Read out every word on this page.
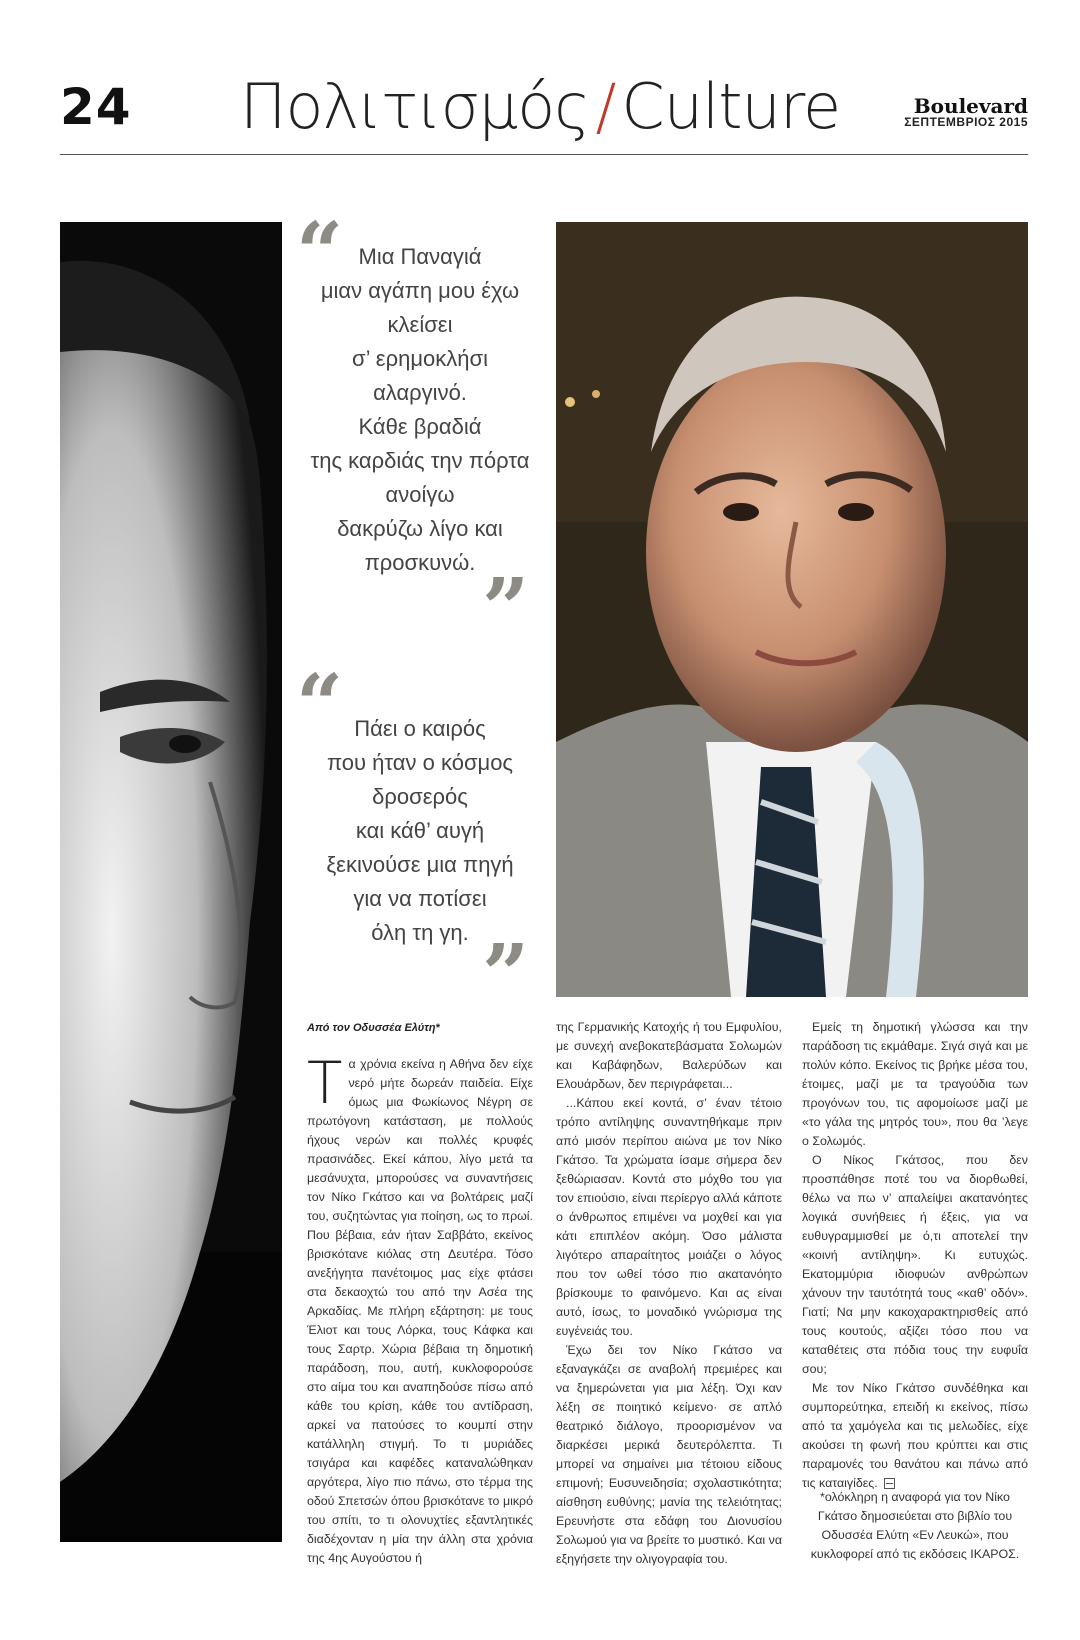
24	Πολιτισμός/Culture	Boulevard
ΣΕΠΤΕΜΒΡΙΟΣ 2015
“ Μια Παναγιά
μιαν αγάπη μου έχω
κλείσει
σ’ ερημοκλήσι
αλαργινό.
Κάθε βραδιά
της καρδιάς την πόρτα
ανοίγω
δακρύζω λίγο και
προσκυνώ. ”
“ Πάει ο καιρός
που ήταν ο κόσμος
δροσερός
και κάθ’ αυγή
ξεκινούσε μια πηγή
για να ποτίσει
όλη τη γη. ”
Από τον Οδυσσέα Ελύτη*

Τα χρόνια εκείνα η Αθήνα δεν είχε νερό μήτε δωρεάν παιδεία. Είχε όμως μια Φωκίωνος Νέγρη σε πρωτόγονη κατάσταση, με πολλούς ήχους νερών και πολλές κρυφές πρασινάδες. Εκεί κάπου, λίγο μετά τα μεσάνυχτα, μπορούσες να συναντήσεις τον Νίκο Γκάτσο και να βολτάρεις μαζί του, συζητώντας για ποίηση, ως το πρωί. Που βέβαια, εάν ήταν Σαββάτο, εκείνος βρισκότανε κιόλας στη Δευτέρα. Τόσο ανεξήγητα πανέτοιμος μας είχε φτάσει στα δεκαοχτώ του από την Ασέα της Αρκαδίας. Με πλήρη εξάρτηση: με τους Έλιοτ και τους Λόρκα, τους Κάφκα και τους Σαρτρ. Χώρια βέβαια τη δημοτική παράδοση, που, αυτή, κυκλοφορούσε στο αίμα του και αναπηδούσε πίσω από κάθε του κρίση, κάθε του αντίδραση, αρκεί να πατούσες το κουμπί στην κατάλληλη στιγμή. Το τι μυριάδες τσιγάρα και καφέδες καταναλώθηκαν αργότερα, λίγο πιο πάνω, στο τέρμα της οδού Σπετσών όπου βρισκότανε το μικρό του σπίτι, το τι ολονυχτίες εξαντλητικές διαδέχονταν η μία την άλλη στα χρόνια της 4ης Αυγούστου ή

της Γερμανικής Κατοχής ή του Εμφυλίου, με συνεχή ανεβοκατεβάσματα Σολωμών και Καβάφηδων, Βαλερύδων και Ελουάρδων, δεν περιγράφεται...

...Κάπου εκεί κοντά, σ’ έναν τέτοιο τρόπο αντίληψης συναντηθήκαμε πριν από μισόν περίπου αιώνα με τον Νίκο Γκάτσο. Τα χρώματα ίσαμε σήμερα δεν ξεθώριασαν. Κοντά στο μόχθο του για τον επιούσιο, είναι περίεργο αλλά κάποτε ο άνθρωπος επιμένει να μοχθεί και για κάτι επιπλέον ακόμη. Όσο μάλιστα λιγότερο απαραίτητος μοιάζει ο λόγος που τον ωθεί τόσο πιο ακατανόητο βρίσκουμε το φαινόμενο. Και ας είναι αυτό, ίσως, το μοναδικό γνώρισμα της ευγένειάς του.

Έχω δει τον Νίκο Γκάτσο να εξαναγκάζει σε αναβολή πρεμιέρες και να ξημερώνεται για μια λέξη. Όχι καν λέξη σε ποιητικό κείμενο· σε απλό θεατρικό διάλογο, προορισμένον να διαρκέσει μερικά δευτερόλεπτα. Τι μπορεί να σημαίνει μια τέτοιου είδους επιμονή; Ευσυνειδησία; σχολαστικότητα; αίσθηση ευθύνης; μανία της τελειότητας; Ερευνήστε στα εδάφη του Διονυσίου Σολωμού για να βρείτε το μυστικό. Και να εξηγήσετε την ολιγογραφία του.

Εμείς τη δημοτική γλώσσα και την παράδοση τις εκμάθαμε. Σιγά σιγά και με πολύν κόπο. Εκείνος τις βρήκε μέσα του, έτοιμες, μαζί με τα τραγούδια των προγόνων του, τις αφομοίωσε μαζί με «το γάλα της μητρός του», που θα ’λεγε ο Σολωμός.

Ο Νίκος Γκάτσος, που δεν προσπάθησε ποτέ του να διορθωθεί, θέλω να πω ν’ απαλείψει ακατανόητες λογικά συνήθειες ή έξεις, για να ευθυγραμμισθεί με ό,τι αποτελεί την «κοινή αντίληψη». Κι ευτυχώς. Εκατομμύρια ιδιοφυών ανθρώπων χάνουν την ταυτότητά τους «καθ’ οδόν». Γιατί; Να μην κακοχαρακτηρισθείς από τους κουτούς, αξίζει τόσο που να καταθέτεις στα πόδια τους την ευφυΐα σου;

Με τον Νίκο Γκάτσο συνδέθηκα και συμπορεύτηκα, επειδή κι εκείνος, πίσω από τα χαμόγελα και τις μελωδίες, είχε ακούσει τη φωνή που κρύπτει και στις παραμονές του θανάτου και πάνω από τις καταιγίδες.

*ολόκληρη η αναφορά για τον Νίκο Γκάτσο δημοσιεύεται στο βιβλίο του Οδυσσέα Ελύτη «Εν Λευκώ», που κυκλοφορεί από τις εκδόσεις ΙΚΑΡΟΣ.
